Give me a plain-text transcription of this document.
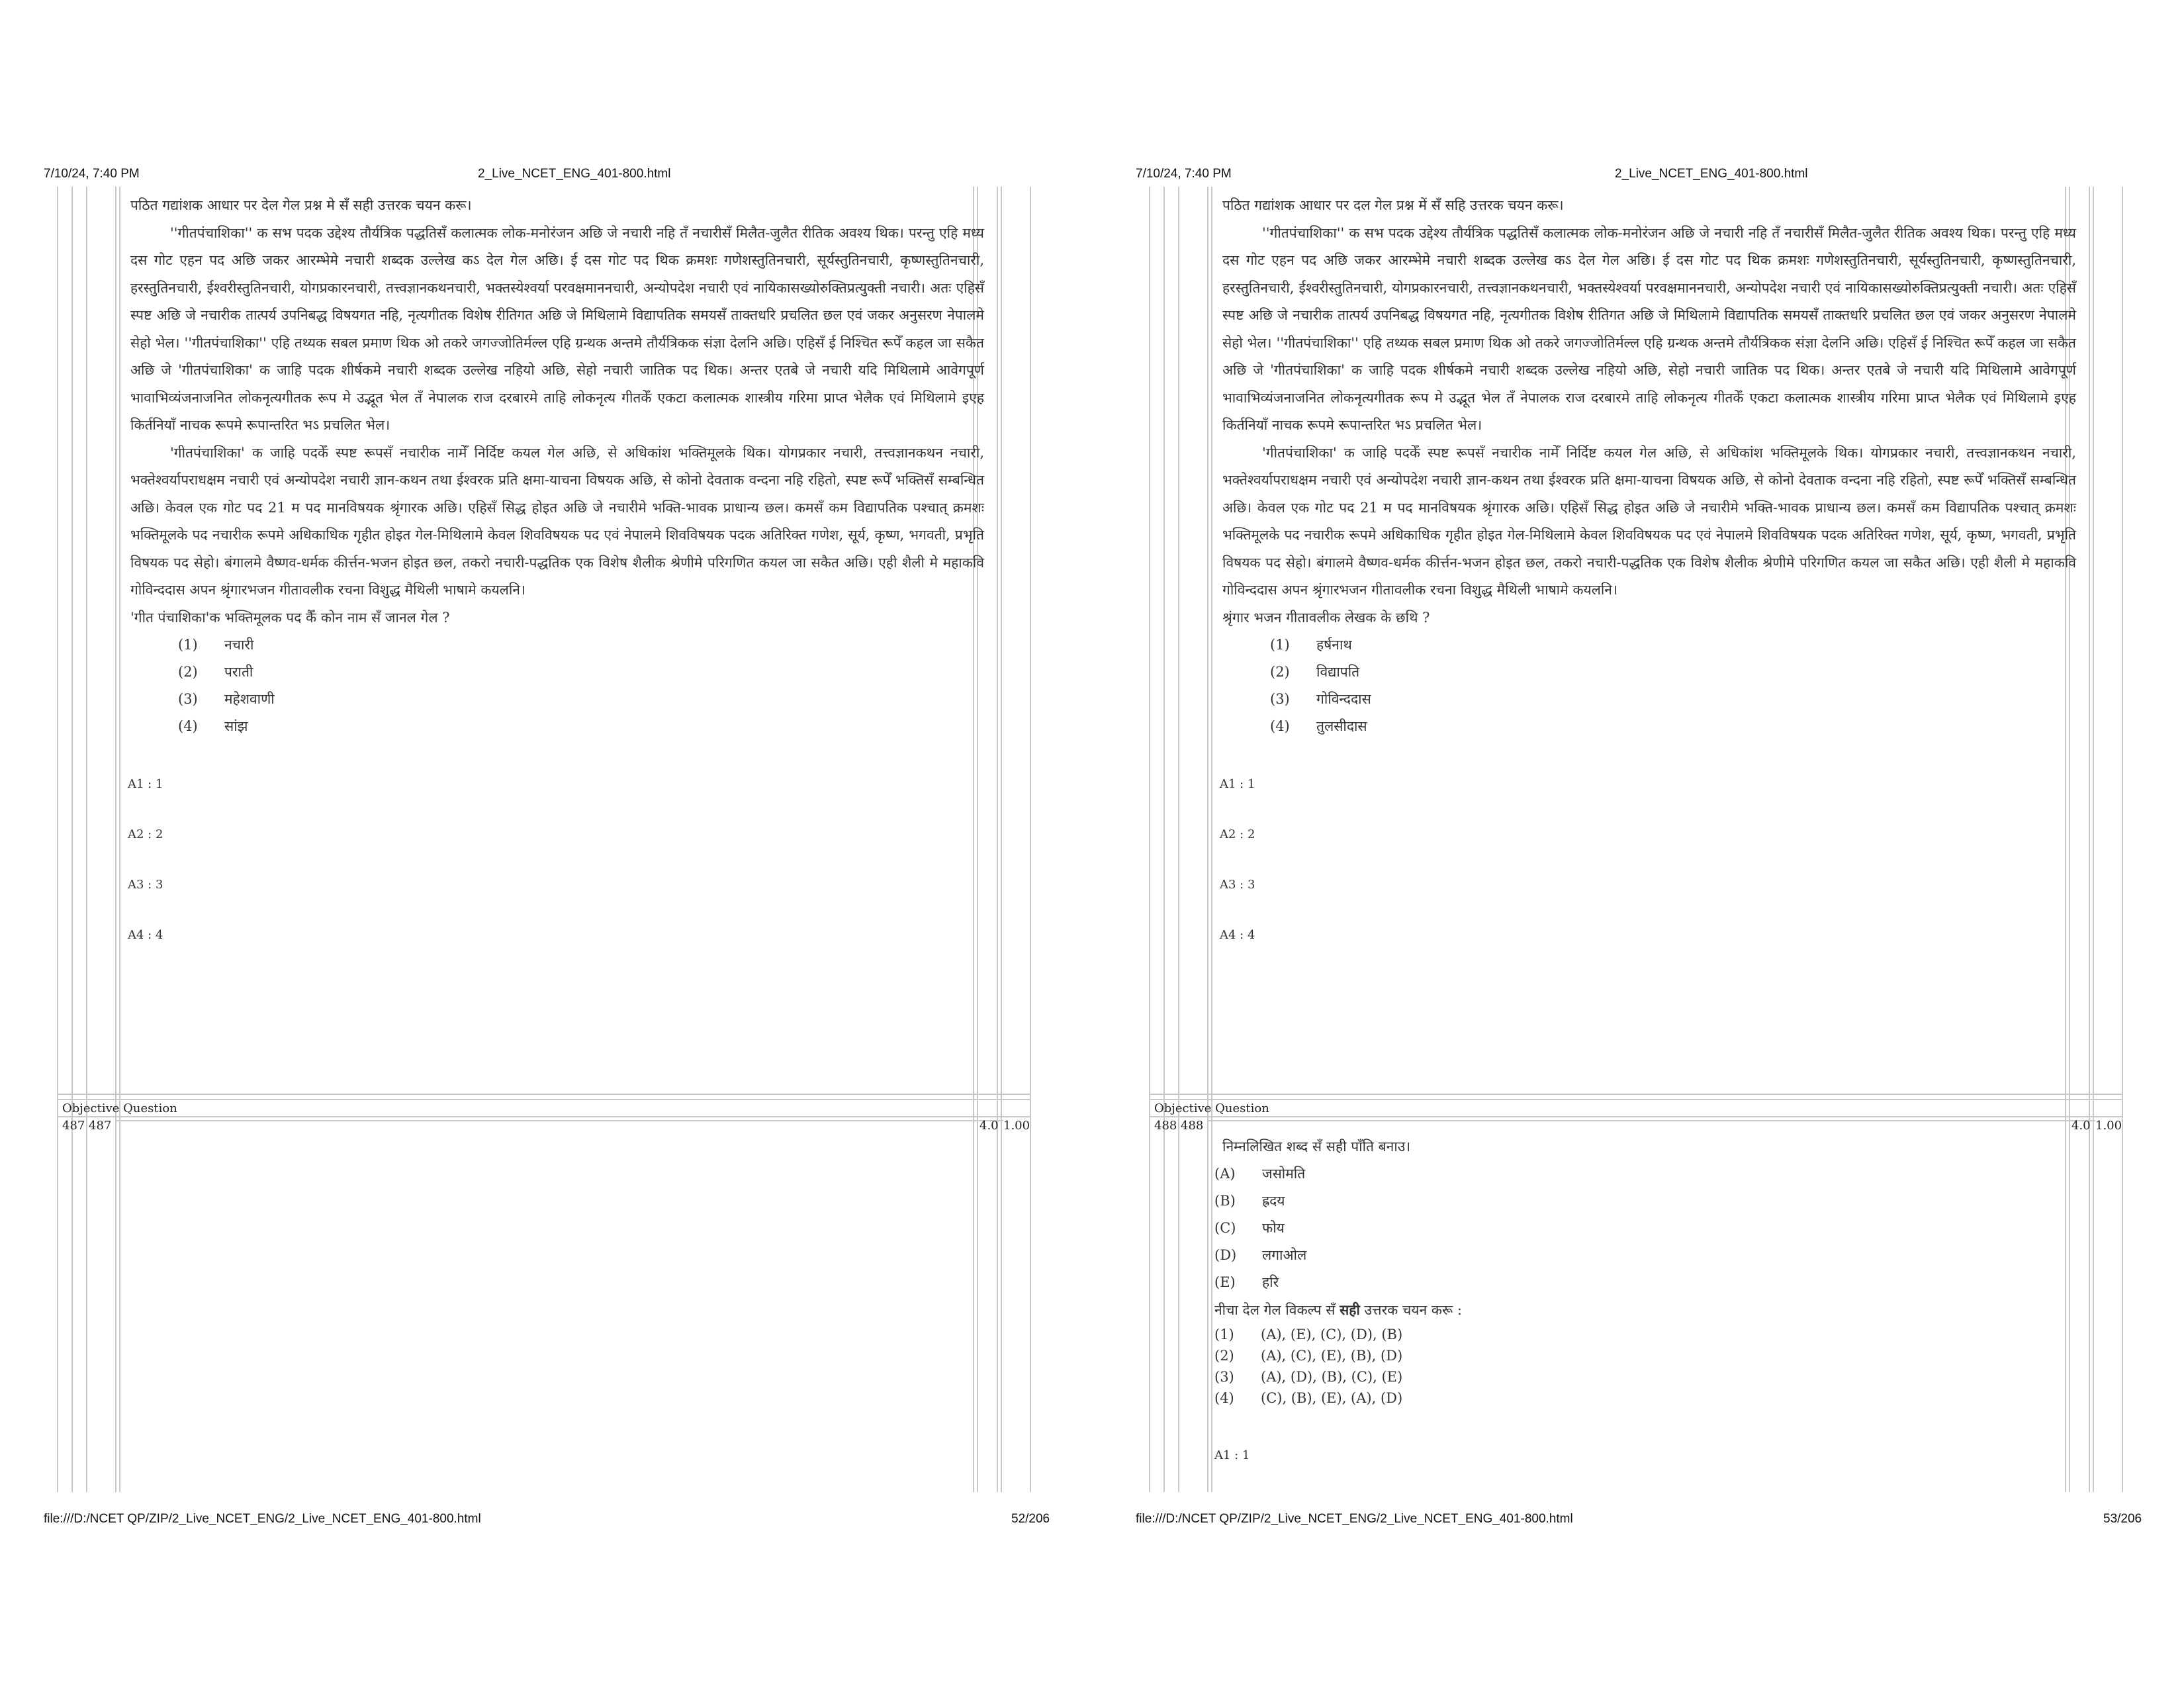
7/10/24, 7:40 PM	2_Live_NCET_ENG_401-800.html

पठित गद्यांशक आधार पर देल गेल प्रश्न मे सँ सही उत्तरक चयन करू।

''गीतपंचाशिका'' क सभ पदक उद्देश्य तौर्यत्रिक पद्धतिसँ कलात्मक लोक-मनोरंजन अछि जे नचारी नहि तँ नचारीसँ मिलैत-जुलैत रीतिक अवश्य थिक। परन्तु एहि मध्य दस गोट एहन पद अछि जकर आरम्भेमे नचारी शब्दक उल्लेख कऽ देल गेल अछि। ई दस गोट पद थिक क्रमशः गणेशस्तुतिनचारी, सूर्यस्तुतिनचारी, कृष्णस्तुतिनचारी, हरस्तुतिनचारी, ईश्वरीस्तुतिनचारी, योगप्रकारनचारी, तत्त्वज्ञानकथनचारी, भक्तस्येश्वर्या परवक्षमाननचारी, अन्योपदेश नचारी एवं नायिकासख्योरुक्तिप्रत्युक्ती नचारी। अतः एहिसँ स्पष्ट अछि जे नचारीक तात्पर्य उपनिबद्ध विषयगत नहि, नृत्यगीतक विशेष रीतिगत अछि जे मिथिलामे विद्यापतिक समयसँ ताक्तधरि प्रचलित छल एवं जकर अनुसरण नेपालमे सेहो भेल। ''गीतपंचाशिका'' एहि तथ्यक सबल प्रमाण थिक ओ तकरे जगज्जोतिर्मल्ल एहि ग्रन्थक अन्तमे तौर्यत्रिकक संज्ञा देलनि अछि। एहिसँ ई निश्चित रूपेँ कहल जा सकैत अछि जे 'गीतपंचाशिका' क जाहि पदक शीर्षकमे नचारी शब्दक उल्लेख नहियो अछि, सेहो नचारी जातिक पद थिक। अन्तर एतबे जे नचारी यदि मिथिलामे आवेगपूर्ण भावाभिव्यंजनाजनित लोकनृत्यगीतक रूप मे उद्भूत भेल तँ नेपालक राज दरबारमे ताहि लोकनृत्य गीतकेँ एकटा कलात्मक शास्त्रीय गरिमा प्राप्त भेलैक एवं मिथिलामे इएह किर्तनियाँ नाचक रूपमे रूपान्तरित भऽ प्रचलित भेल।

'गीतपंचाशिका' क जाहि पदकेँ स्पष्ट रूपसँ नचारीक नामेँ निर्दिष्ट कयल गेल अछि, से अधिकांश भक्तिमूलके थिक। योगप्रकार नचारी, तत्त्वज्ञानकथन नचारी, भक्तेश्वर्यापराधक्षम नचारी एवं अन्योपदेश नचारी ज्ञान-कथन तथा ईश्वरक प्रति क्षमा-याचना विषयक अछि, से कोनो देवताक वन्दना नहि रहितो, स्पष्ट रूपेँ भक्तिसँ सम्बन्धित अछि। केवल एक गोट पद 21 म पद मानविषयक श्रृंगारक अछि। एहिसँ सिद्ध होइत अछि जे नचारीमे भक्ति-भावक प्राधान्य छल। कमसँ कम विद्यापतिक पश्चात् क्रमशः भक्तिमूलके पद नचारीक रूपमे अधिकाधिक गृहीत होइत गेल-मिथिलामे केवल शिवविषयक पद एवं नेपालमे शिवविषयक पदक अतिरिक्त गणेश, सूर्य, कृष्ण, भगवती, प्रभृति विषयक पद सेहो। बंगालमे वैष्णव-धर्मक कीर्त्तन-भजन होइत छल, तकरो नचारी-पद्धतिक एक विशेष शैलीक श्रेणीमे परिगणित कयल जा सकैत अछि। एही शैली मे महाकवि गोविन्ददास अपन श्रृंगारभजन गीतावलीक रचना विशुद्ध मैथिली भाषामे कयलनि।

'गीत पंचाशिका'क भक्तिमूलक पद कैँ कोन नाम सँ जानल गेल ?

(1)	नचारी
(2)	पराती
(3)	महेशवाणी
(4)	सांझ
A1 : 1
A2 : 2
A3 : 3
A4 : 4
Objective Question
487 487	4.0 1.00
file:///D:/NCET QP/ZIP/2_Live_NCET_ENG/2_Live_NCET_ENG_401-800.html	52/206
7/10/24, 7:40 PM	2_Live_NCET_ENG_401-800.html

पठित गद्यांशक आधार पर दल गेल प्रश्न में सँ सहि उत्तरक चयन करू।

''गीतपंचाशिका'' क सभ पदक उद्देश्य तौर्यत्रिक पद्धतिसँ कलात्मक लोक-मनोरंजन अछि जे नचारी नहि तँ नचारीसँ मिलैत-जुलैत रीतिक अवश्य थिक। परन्तु एहि मध्य दस गोट एहन पद अछि जकर आरम्भेमे नचारी शब्दक उल्लेख कऽ देल गेल अछि। ई दस गोट पद थिक क्रमशः गणेशस्तुतिनचारी, सूर्यस्तुतिनचारी, कृष्णस्तुतिनचारी, हरस्तुतिनचारी, ईश्वरीस्तुतिनचारी, योगप्रकारनचारी, तत्त्वज्ञानकथनचारी, भक्तस्येश्वर्या परवक्षमाननचारी, अन्योपदेश नचारी एवं नायिकासख्योरुक्तिप्रत्युक्ती नचारी। अतः एहिसँ स्पष्ट अछि जे नचारीक तात्पर्य उपनिबद्ध विषयगत नहि, नृत्यगीतक विशेष रीतिगत अछि जे मिथिलामे विद्यापतिक समयसँ ताक्तधरि प्रचलित छल एवं जकर अनुसरण नेपालमे सेहो भेल। ''गीतपंचाशिका'' एहि तथ्यक सबल प्रमाण थिक ओ तकरे जगज्जोतिर्मल्ल एहि ग्रन्थक अन्तमे तौर्यत्रिकक संज्ञा देलनि अछि। एहिसँ ई निश्चित रूपेँ कहल जा सकैत अछि जे 'गीतपंचाशिका' क जाहि पदक शीर्षकमे नचारी शब्दक उल्लेख नहियो अछि, सेहो नचारी जातिक पद थिक। अन्तर एतबे जे नचारी यदि मिथिलामे आवेगपूर्ण भावाभिव्यंजनाजनित लोकनृत्यगीतक रूप मे उद्भूत भेल तँ नेपालक राज दरबारमे ताहि लोकनृत्य गीतकेँ एकटा कलात्मक शास्त्रीय गरिमा प्राप्त भेलैक एवं मिथिलामे इएह किर्तनियाँ नाचक रूपमे रूपान्तरित भऽ प्रचलित भेल।

'गीतपंचाशिका' क जाहि पदकेँ स्पष्ट रूपसँ नचारीक नामेँ निर्दिष्ट कयल गेल अछि, से अधिकांश भक्तिमूलके थिक। योगप्रकार नचारी, तत्त्वज्ञानकथन नचारी, भक्तेश्वर्यापराधक्षम नचारी एवं अन्योपदेश नचारी ज्ञान-कथन तथा ईश्वरक प्रति क्षमा-याचना विषयक अछि, से कोनो देवताक वन्दना नहि रहितो, स्पष्ट रूपेँ भक्तिसँ सम्बन्धित अछि। केवल एक गोट पद 21 म पद मानविषयक श्रृंगारक अछि। एहिसँ सिद्ध होइत अछि जे नचारीमे भक्ति-भावक प्राधान्य छल। कमसँ कम विद्यापतिक पश्चात् क्रमशः भक्तिमूलके पद नचारीक रूपमे अधिकाधिक गृहीत होइत गेल-मिथिलामे केवल शिवविषयक पद एवं नेपालमे शिवविषयक पदक अतिरिक्त गणेश, सूर्य, कृष्ण, भगवती, प्रभृति विषयक पद सेहो। बंगालमे वैष्णव-धर्मक कीर्त्तन-भजन होइत छल, तकरो नचारी-पद्धतिक एक विशेष शैलीक श्रेणीमे परिगणित कयल जा सकैत अछि। एही शैली मे महाकवि गोविन्ददास अपन श्रृंगारभजन गीतावलीक रचना विशुद्ध मैथिली भाषामे कयलनि।

श्रृंगार भजन गीतावलीक लेखक के छथि ?

(1)	हर्षनाथ
(2)	विद्यापति
(3)	गोविन्ददास
(4)	तुलसीदास
A1 : 1
A2 : 2
A3 : 3
A4 : 4
Objective Question
488 488	4.0 1.00
निम्नलिखित शब्द सँ सही पाँति बनाउ।
(A)	जसोमति
(B)	ह्रदय
(C)	फोय
(D)	लगाओल
(E)	हरि
नीचा देल गेल विकल्प सँ सही उत्तरक चयन करू :
(1)	(A), (E), (C), (D), (B)
(2)	(A), (C), (E), (B), (D)
(3)	(A), (D), (B), (C), (E)
(4)	(C), (B), (E), (A), (D)
A1 : 1
file:///D:/NCET QP/ZIP/2_Live_NCET_ENG/2_Live_NCET_ENG_401-800.html	53/206
